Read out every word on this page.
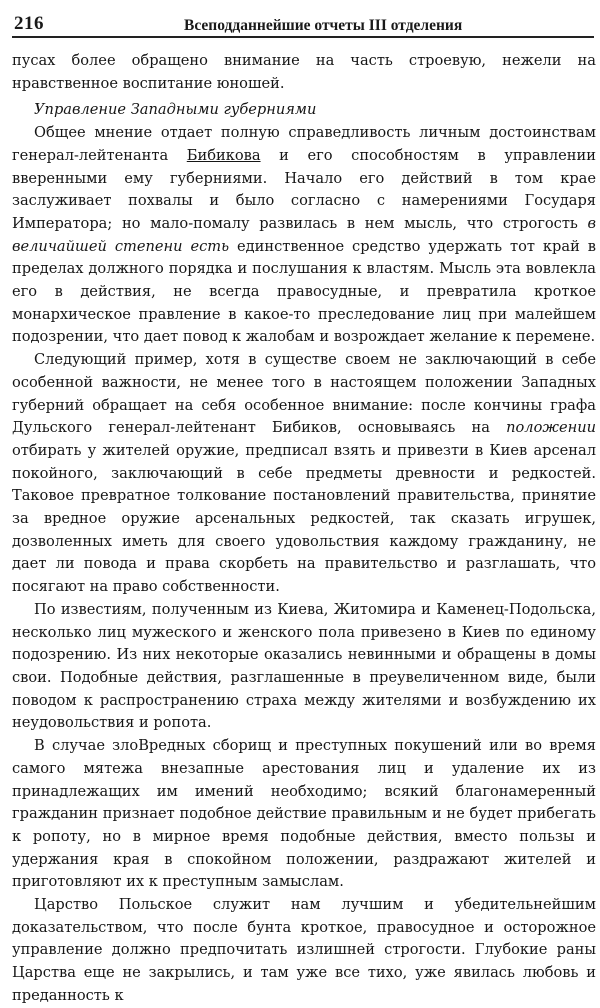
216	Всеподданнейшие отчеты III отделения

пусах более обращено внимание на часть строевую, нежели на нравственное воспитание юношей.

Управление Западными губерниями

Общее мнение отдает полную справедливость личным достоинствам генерал-лейтенанта Бибикова и его способностям в управлении вверенными ему губерниями. Начало его действий в том крае заслуживает похвалы и было согласно с намерениями Государя Императора; но мало-помалу развилась в нем мысль, что строгость в величайшей степени есть единственное средство удержать тот край в пределах должного порядка и послушания к властям. Мысль эта вовлекла его в действия, не всегда правосудные, и превратила кроткое монархическое правление в какое-то преследование лиц при малейшем подозрении, что дает повод к жалобам и возрождает желание к перемене.

Следующий пример, хотя в существе своем не заключающий в себе особенной важности, не менее того в настоящем положении Западных губерний обращает на себя особенное внимание: после кончины графа Дульского генерал-лейтенант Бибиков, основываясь на положении отбирать у жителей оружие, предписал взять и привезти в Киев арсенал покойного, заключающий в себе предметы древности и редкостей. Таковое превратное толкование постановлений правительства, принятие за вредное оружие арсенальных редкостей, так сказать игрушек, дозволенных иметь для своего удовольствия каждому гражданину, не дает ли повода и права скорбеть на правительство и разглашать, что посягают на право собственности.

По известиям, полученным из Киева, Житомира и Каменец-Подольска, несколько лиц мужеского и женского пола привезено в Киев по единому подозрению. Из них некоторые оказались невинными и обращены в домы свои. Подобные действия, разглашенные в преувеличенном виде, были поводом к распространению страха между жителями и возбуждению их неудовольствия и ропота.

В случае злоВредных сборищ и преступных покушений или во время самого мятежа внезапные арестования лиц и удаление их из принадлежащих им имений необходимо; всякий благонамеренный гражданин признает подобное действие правильным и не будет прибегать к ропоту, но в мирное время подобные действия, вместо пользы и удержания края в спокойном положении, раздражают жителей и приготовляют их к преступным замыслам.

Царство Польское служит нам лучшим и убедительнейшим доказательством, что после бунта кроткое, правосудное и осторожное управление должно предпочитать излишней строгости. Глубокие раны Царства еще не закрылись, и там уже все тихо, уже явилась любовь и преданность к
